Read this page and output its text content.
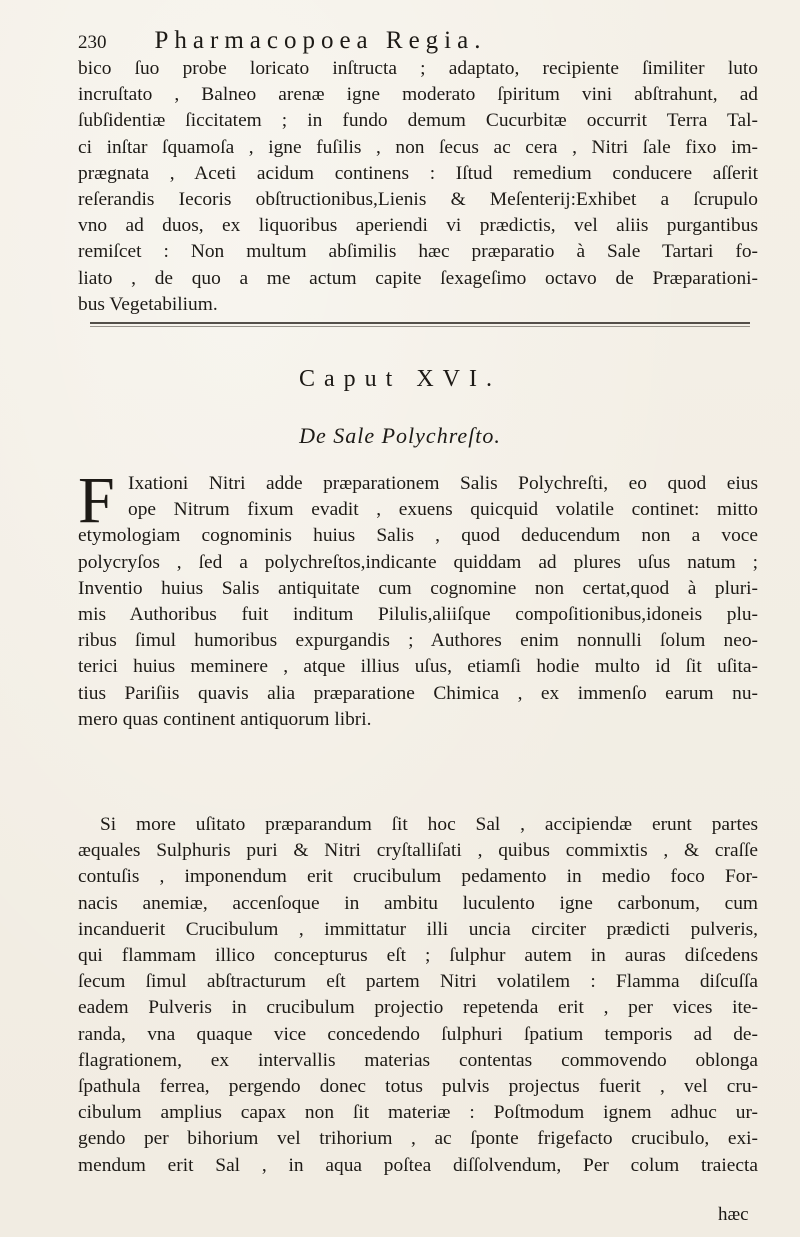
230 Pharmacopoea Regia.
bico ſuo probe loricato inſtructa ; adaptato, recipiente ſimiliter luto
incruſtato , Balneo arenæ igne moderato ſpiritum vini abſtrahunt, ad
ſubſidentiæ ſiccitatem ; in fundo demum Cucurbitæ occurrit Terra Tal-
ci inſtar ſquamoſa , igne fuſilis , non ſecus ac cera , Nitri ſale fixo im-
prægnata , Aceti acidum continens : Iſtud remedium conducere aſſerit
reſerandis Iecoris obſtructionibus,Lienis & Meſenterij:Exhibet a ſcrupulo
vno ad duos, ex liquoribus aperiendi vi prædictis, vel aliis purgantibus
remiſcet : Non multum abſimilis hæc præparatio à Sale Tartari fo-
liato , de quo a me actum capite ſexageſimo octavo de Præparationi-
bus Vegetabilium.
Caput XVI.
De Sale Polychreſto.
F Ixationi Nitri adde præparationem Salis Polychreſti, eo quod eius
ope Nitrum fixum evadit , exuens quicquid volatile continet: mitto
etymologiam cognominis huius Salis , quod deducendum non a voce
polycryſos , ſed a polychreſtos,indicante quiddam ad plures uſus natum ;
Inventio huius Salis antiquitate cum cognomine non certat,quod à pluri-
mis Authoribus fuit inditum Pilulis,aliiſque compoſitionibus,idoneis plu-
ribus ſimul humoribus expurgandis ; Authores enim nonnulli ſolum neo-
terici huius meminere , atque illius uſus, etiamſi hodie multo id ſit uſita-
tius Pariſiis quavis alia præparatione Chimica , ex immenſo earum nu-
mero quas continent antiquorum libri.
Si more uſitato præparandum ſit hoc Sal , accipiendæ erunt partes
æquales Sulphuris puri & Nitri cryſtalliſati , quibus commixtis , & craſſe
contuſis , imponendum erit crucibulum pedamento in medio foco For-
nacis anemiæ, accenſoque in ambitu luculento igne carbonum, cum
incanduerit Crucibulum , immittatur illi uncia circiter prædicti pulveris,
qui flammam illico concepturus eſt ; ſulphur autem in auras diſcedens
ſecum ſimul abſtracturum eſt partem Nitri volatilem : Flamma diſcuſſa
eadem Pulveris in crucibulum projectio repetenda erit , per vices ite-
randa, vna quaque vice concedendo ſulphuri ſpatium temporis ad de-
flagrationem, ex intervallis materias contentas commovendo oblonga
ſpathula ferrea, pergendo donec totus pulvis projectus fuerit , vel cru-
cibulum amplius capax non ſit materiæ : Poſtmodum ignem adhuc ur-
gendo per bihorium vel trihorium , ac ſponte frigefacto crucibulo, exi-
mendum erit Sal , in aqua poſtea diſſolvendum, Per colum traiecta
hæc
